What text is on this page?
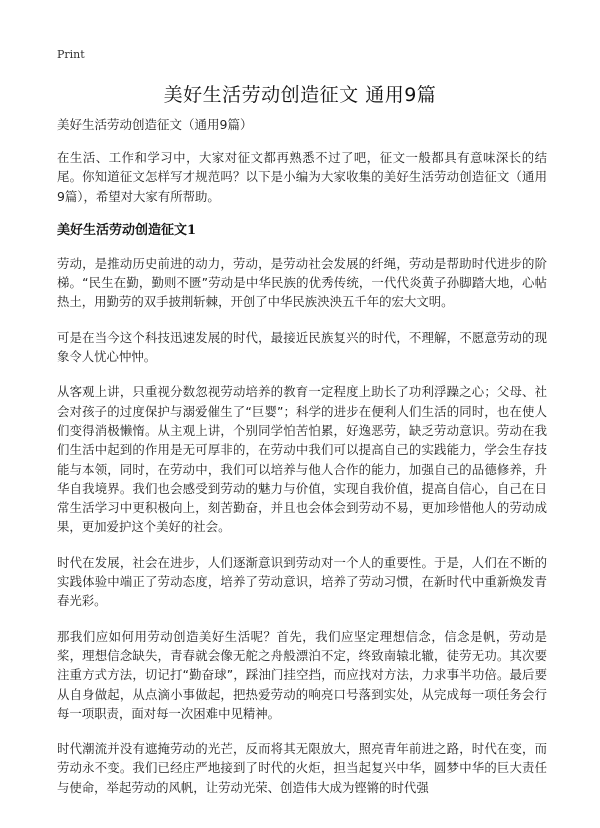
Print
美好生活劳动创造征文 通用9篇
美好生活劳动创造征文（通用9篇）

在生活、工作和学习中，大家对征文都再熟悉不过了吧，征文一般都具有意味深长的结尾。你知道征文怎样写才规范吗？以下是小编为大家收集的美好生活劳动创造征文（通用9篇），希望对大家有所帮助。

美好生活劳动创造征文1

劳动，是推动历史前进的动力，劳动，是劳动社会发展的纤绳，劳动是帮助时代进步的阶梯。“民生在勤，勤则不匮”劳动是中华民族的优秀传统，一代代炎黄子孙脚踏大地，心帖热土，用勤劳的双手披荆斩棘，开创了中华民族泱泱五千年的宏大文明。

可是在当今这个科技迅速发展的时代，最接近民族复兴的时代，不理解，不愿意劳动的现象令人忧心忡忡。

从客观上讲，只重视分数忽视劳动培养的教育一定程度上助长了功利浮躁之心；父母、社会对孩子的过度保护与溺爱催生了“巨婴”；科学的进步在便利人们生活的同时，也在使人们变得消极懒惰。从主观上讲，个别同学怕苦怕累，好逸恶劳，缺乏劳动意识。劳动在我们生活中起到的作用是无可厚非的，在劳动中我们可以提高自己的实践能力，学会生存技能与本领，同时，在劳动中，我们可以培养与他人合作的能力，加强自己的品德修养，升华自我境界。我们也会感受到劳动的魅力与价值，实现自我价值，提高自信心，自己在日常生活学习中更积极向上，刻苦勤奋，并且也会体会到劳动不易，更加珍惜他人的劳动成果，更加爱护这个美好的社会。

时代在发展，社会在进步，人们逐渐意识到劳动对一个人的重要性。于是，人们在不断的实践体验中端正了劳动态度，培养了劳动意识，培养了劳动习惯，在新时代中重新焕发青春光彩。

那我们应如何用劳动创造美好生活呢？首先，我们应坚定理想信念，信念是帆，劳动是桨，理想信念缺失，青春就会像无舵之舟般漂泊不定，终致南辕北辙，徒劳无功。其次要注重方式方法，切记打“勤奋球”，踩油门挂空挡，而应找对方法，力求事半功倍。最后要从自身做起，从点滴小事做起，把热爱劳动的响亮口号落到实处，从完成每一项任务会行每一项职责，面对每一次困难中见精神。

时代潮流并没有遮掩劳动的光芒，反而将其无限放大，照亮青年前进之路，时代在变，而劳动永不变。我们已经庄严地接到了时代的火炬，担当起复兴中华，圆梦中华的巨大责任与使命，举起劳动的风帆，让劳动光荣、创造伟大成为铿锵的时代强
